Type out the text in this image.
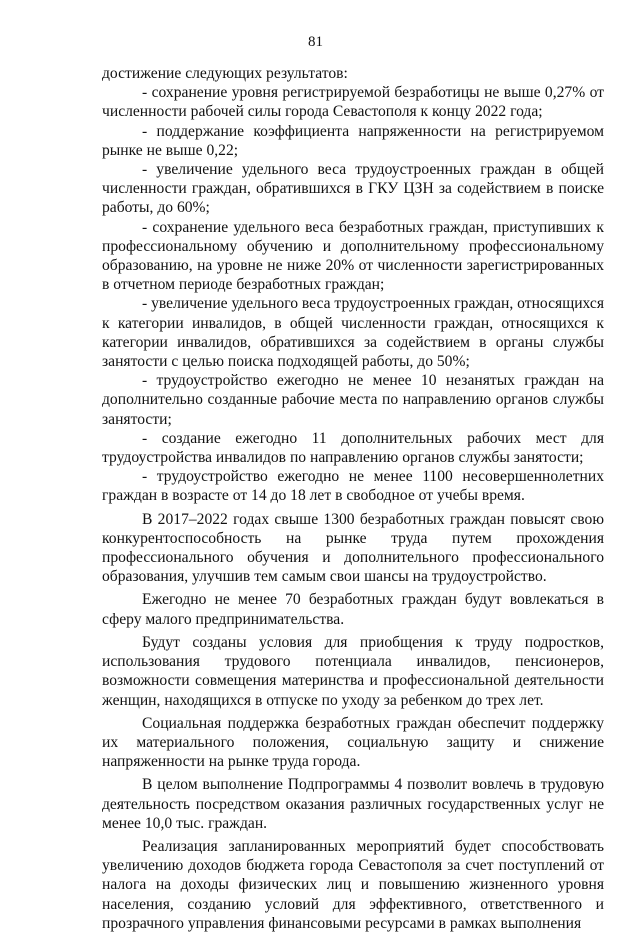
81

достижение следующих результатов:

- сохранение уровня регистрируемой безработицы не выше 0,27% от численности рабочей силы города Севастополя к концу 2022 года;

- поддержание коэффициента напряженности на регистрируемом рынке не выше 0,22;

- увеличение удельного веса трудоустроенных граждан в общей численности граждан, обратившихся в ГКУ ЦЗН за содействием в поиске работы, до 60%;

- сохранение удельного веса безработных граждан, приступивших к профессиональному обучению и дополнительному профессиональному образованию, на уровне не ниже 20% от численности зарегистрированных в отчетном периоде безработных граждан;

- увеличение удельного веса трудоустроенных граждан, относящихся к категории инвалидов, в общей численности граждан, относящихся к категории инвалидов, обратившихся за содействием в органы службы занятости с целью поиска подходящей работы, до 50%;

- трудоустройство ежегодно не менее 10 незанятых граждан на дополнительно созданные рабочие места по направлению органов службы занятости;

- создание ежегодно 11 дополнительных рабочих мест для трудоустройства инвалидов по направлению органов службы занятости;

- трудоустройство ежегодно не менее 1100 несовершеннолетних граждан в возрасте от 14 до 18 лет в свободное от учебы время.

В 2017–2022 годах свыше 1300 безработных граждан повысят свою конкурентоспособность на рынке труда путем прохождения профессионального обучения и дополнительного профессионального образования, улучшив тем самым свои шансы на трудоустройство.

Ежегодно не менее 70 безработных граждан будут вовлекаться в сферу малого предпринимательства.

Будут созданы условия для приобщения к труду подростков, использования трудового потенциала инвалидов, пенсионеров, возможности совмещения материнства и профессиональной деятельности женщин, находящихся в отпуске по уходу за ребенком до трех лет.

Социальная поддержка безработных граждан обеспечит поддержку их материального положения, социальную защиту и снижение напряженности на рынке труда города.

В целом выполнение Подпрограммы 4 позволит вовлечь в трудовую деятельность посредством оказания различных государственных услуг не менее 10,0 тыс. граждан.

Реализация запланированных мероприятий будет способствовать увеличению доходов бюджета города Севастополя за счет поступлений от налога на доходы физических лиц и повышению жизненного уровня населения, созданию условий для эффективного, ответственного и прозрачного управления финансовыми ресурсами в рамках выполнения
